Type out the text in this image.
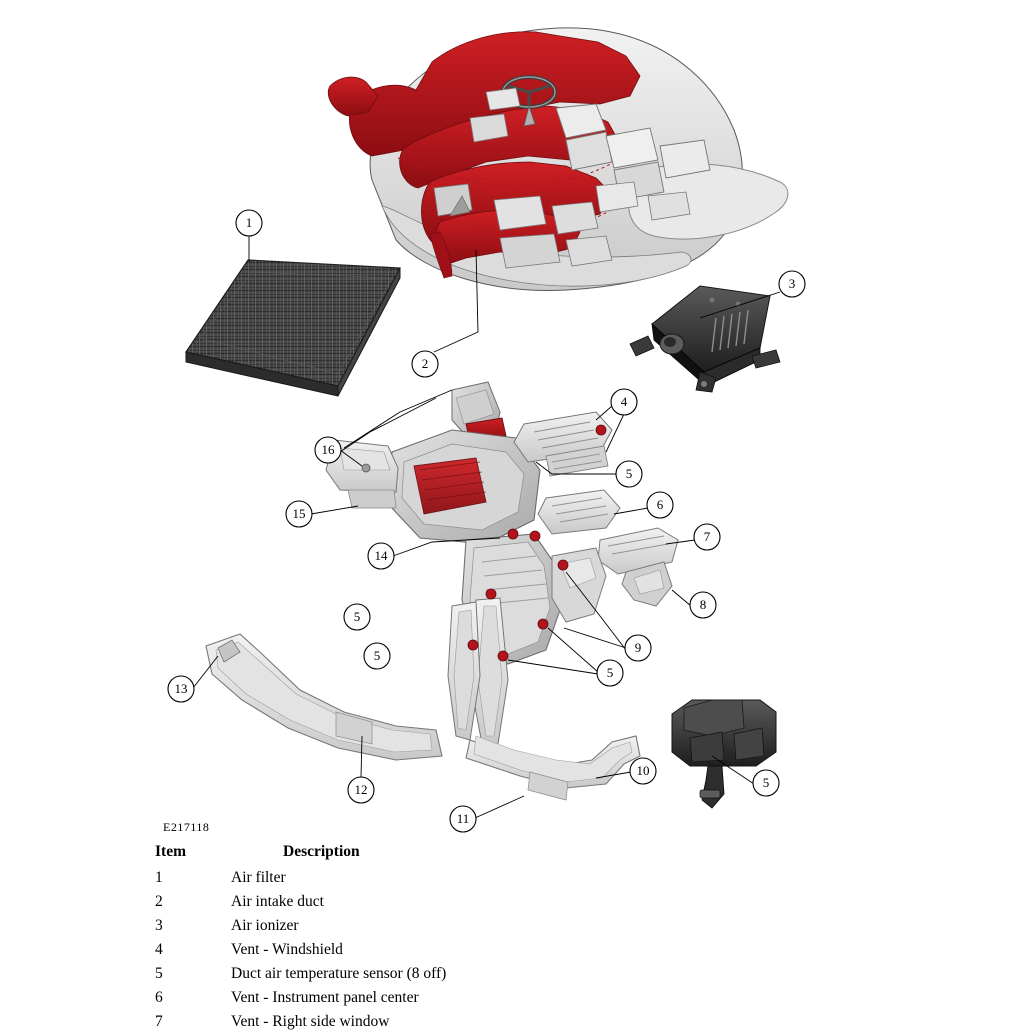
1
2
3
4
5
5
5
5
5
6
7
8
9
10
11
12
13
14
15
16
E217118
Item	Description
1	Air filter
2	Air intake duct
3	Air ionizer
4	Vent - Windshield
5	Duct air temperature sensor (8 off)
6	Vent - Instrument panel center
7	Vent - Right side window
